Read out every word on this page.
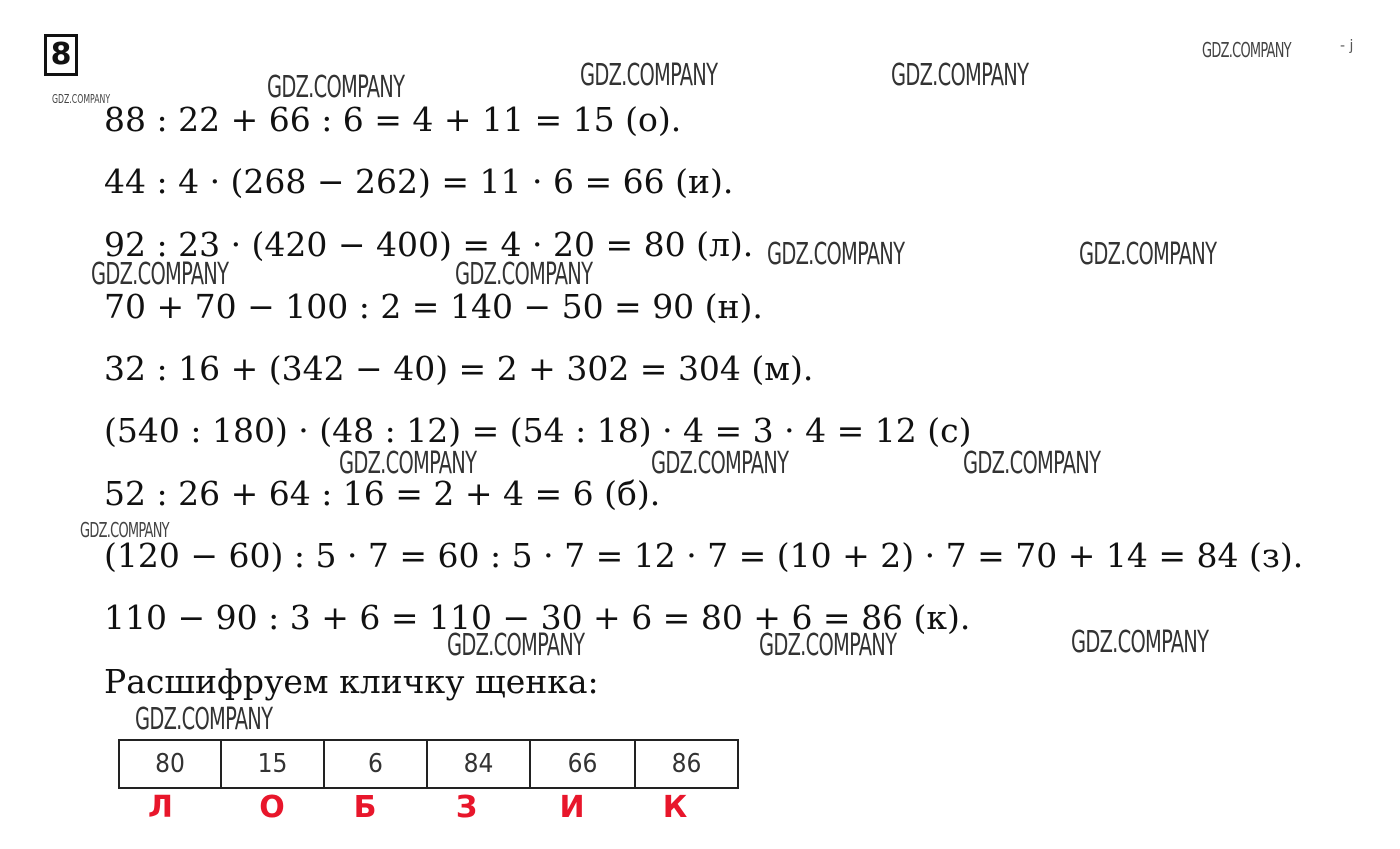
8
GDZ.COMPANY
- ј
GDZ.COMPANY
GDZ.COMPANY	GDZ.COMPANY	GDZ.COMPANY
GDZ.COMPANY	GDZ.COMPANY
GDZ.COMPANY	GDZ.COMPANY
GDZ.COMPANY	GDZ.COMPANY	GDZ.COMPANY
GDZ.COMPANY
GDZ.COMPANY	GDZ.COMPANY	GDZ.COMPANY
GDZ.COMPANY
88 : 22 + 66 : 6 = 4 + 11 = 15 (о).
44 : 4 · (268 − 262) = 11 · 6 = 66 (и).
92 : 23 · (420 − 400) = 4 · 20 = 80 (л).
70 + 70 − 100 : 2 = 140 − 50 = 90 (н).
32 : 16 + (342 − 40) = 2 + 302 = 304 (м).
(540 : 180) · (48 : 12) = (54 : 18) · 4 = 3 · 4 = 12 (с)
52 : 26 + 64 : 16 = 2 + 4 = 6 (б).
(120 − 60) : 5 · 7 = 60 : 5 · 7 = 12 · 7 = (10 + 2) · 7 = 70 + 14 = 84 (з).
110 − 90 : 3 + 6 = 110 − 30 + 6 = 80 + 6 = 86 (к).
Расшифруем кличку щенка:
80	15	6	84	66	86
Л	О	Б	З	И	К
